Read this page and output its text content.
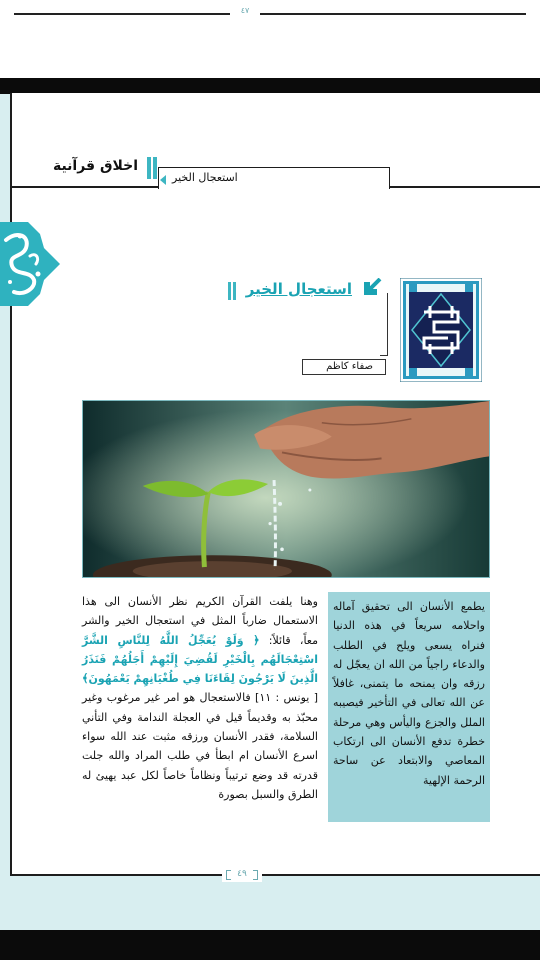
٤٧
استعجال الخير
اخلاق قرآنية
استعجال الخير
صفاء كاظم

يطمع الأنسان الى تحقيق آماله واحلامه سريعاً في هذه الدنيا فنراه يسعى ويلح في الطلب والدعاء راجياً من الله ان يعجّل له رزقه وان يمنحه ما يتمنى، غافلاً عن الله تعالى في التأخير فيصيبه الملل والجزع واليأس وهي مرحلة خطرة تدفع الأنسان الى ارتكاب المعاصي والابتعاد عن ساحة الرحمة الإلهية

وهنا يلفت القرآن الكريم نظر الأنسان الى هذا الاستعمال ضارباً المثل في استعجال الخير والشر معاً، قائلاً: ﴿ وَلَوْ يُعَجِّلُ اللَّهُ لِلنَّاسِ الشَّرَّ اسْتِعْجَالَهُم بِالْخَيْرِ لَقُضِيَ إِلَيْهِمْ أَجَلُهُمْ فَنَذَرُ الَّذِينَ لَا يَرْجُونَ لِقَاءَنَا فِي طُغْيَانِهِمْ يَعْمَهُونَ﴾ [ يونس : ١١] فالاستعجال هو امر غير مرغوب وغير محبّذ به وقديماً قيل في العجلة الندامة وفي التأني السلامة، فقدر الأنسان ورزقه مثبت عند الله سواء اسرع الأنسان ام ابطأ في طلب المراد والله جلت قدرته قد وضع ترتيباً ونظاماً خاصاً لكل عبد يهيئ له الطرق والسبل بصورة

٤٩
